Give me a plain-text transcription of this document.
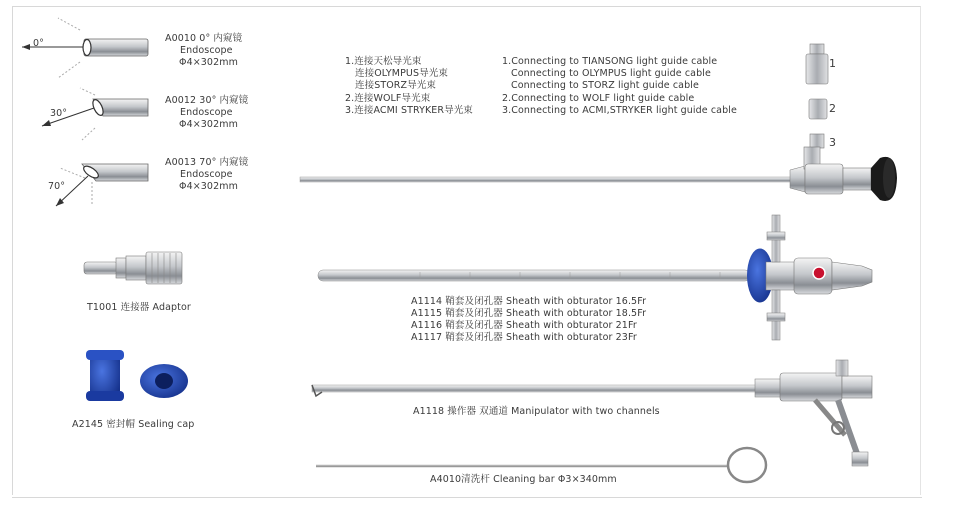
0°
30°
70°
A0010 0° 内窥镜
Endoscope
Φ4×302mm
A0012 30° 内窥镜
Endoscope
Φ4×302mm
A0013 70° 内窥镜
Endoscope
Φ4×302mm
T1001 连接器 Adaptor
A2145 密封帽 Sealing cap
1.连接天松导光束
连接OLYMPUS导光束
连接STORZ导光束
2.连接WOLF导光束
3.连接ACMI STRYKER导光束
1.Connecting to TIANSONG light guide cable
Connecting to OLYMPUS light guide cable
Connecting to STORZ light guide cable
2.Connecting to WOLF light guide cable
3.Connecting to ACMI,STRYKER light guide cable
1
2
3
A1114 鞘套及闭孔器 Sheath with obturator 16.5Fr
A1115 鞘套及闭孔器 Sheath with obturator 18.5Fr
A1116 鞘套及闭孔器 Sheath with obturator 21Fr
A1117 鞘套及闭孔器 Sheath with obturator 23Fr
A1118 操作器 双通道 Manipulator with two channels
A4010清洗杆 Cleaning bar Φ3×340mm
